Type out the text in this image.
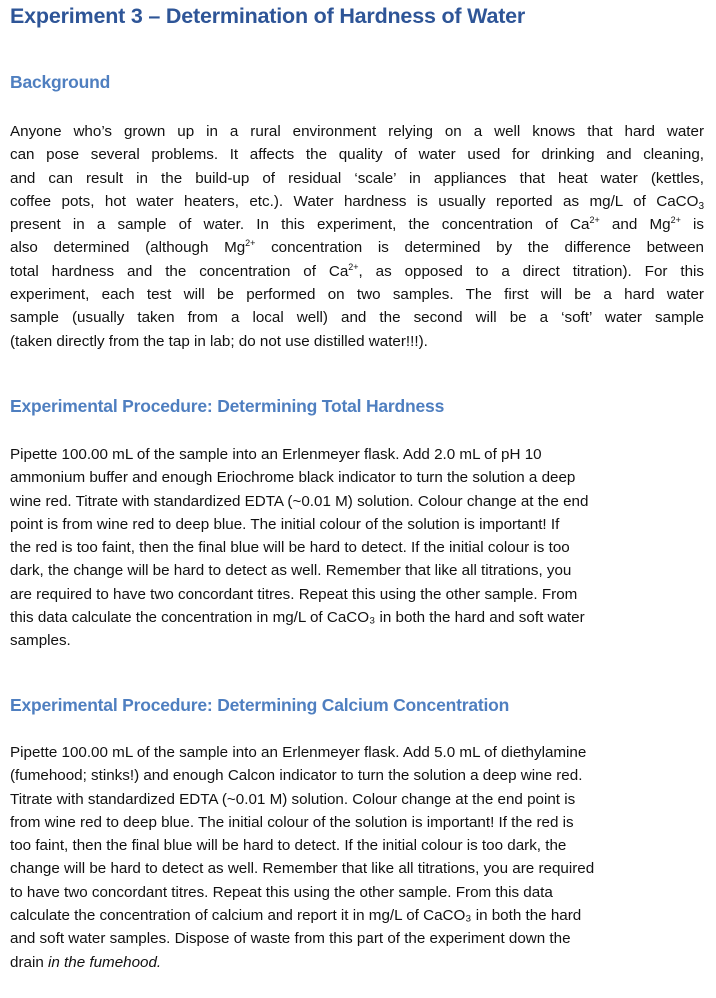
Experiment 3 – Determination of Hardness of Water
Background
Anyone who’s grown up in a rural environment relying on a well knows that hard water
can pose several problems. It affects the quality of water used for drinking and cleaning,
and can result in the build-up of residual ‘scale’ in appliances that heat water (kettles,
coffee pots, hot water heaters, etc.). Water hardness is usually reported as mg/L of CaCO$_3$
present in a sample of water. In this experiment, the concentration of $Ca^{2+}$ and $Mg^{2+}$ is
also determined (although $Mg^{2+}$ concentration is determined by the difference between
total hardness and the concentration of $Ca^{2+}$, as opposed to a direct titration). For this
experiment, each test will be performed on two samples. The first will be a hard water
sample (usually taken from a local well) and the second will be a ‘soft’ water sample
(taken directly from the tap in lab; do not use distilled water!!!).
Experimental Procedure: Determining Total Hardness
Pipette 100.00 mL of the sample into an Erlenmeyer flask. Add 2.0 mL of pH 10
ammonium buffer and enough Eriochrome black indicator to turn the solution a deep
wine red. Titrate with standardized EDTA (~0.01 M) solution. Colour change at the end
point is from wine red to deep blue. The initial colour of the solution is important! If
the red is too faint, then the final blue will be hard to detect. If the initial colour is too
dark, the change will be hard to detect as well. Remember that like all titrations, you
are required to have two concordant titres. Repeat this using the other sample. From
this data calculate the concentration in mg/L of CaCO₃ in both the hard and soft water
samples.
Experimental Procedure: Determining Calcium Concentration
Pipette 100.00 mL of the sample into an Erlenmeyer flask. Add 5.0 mL of diethylamine
(fumehood; stinks!) and enough Calcon indicator to turn the solution a deep wine red.
Titrate with standardized EDTA (~0.01 M) solution. Colour change at the end point is
from wine red to deep blue. The initial colour of the solution is important! If the red is
too faint, then the final blue will be hard to detect. If the initial colour is too dark, the
change will be hard to detect as well. Remember that like all titrations, you are required
to have two concordant titres. Repeat this using the other sample. From this data
calculate the concentration of calcium and report it in mg/L of CaCO₃ in both the hard
and soft water samples. Dispose of waste from this part of the experiment down the
drain in the fumehood.
